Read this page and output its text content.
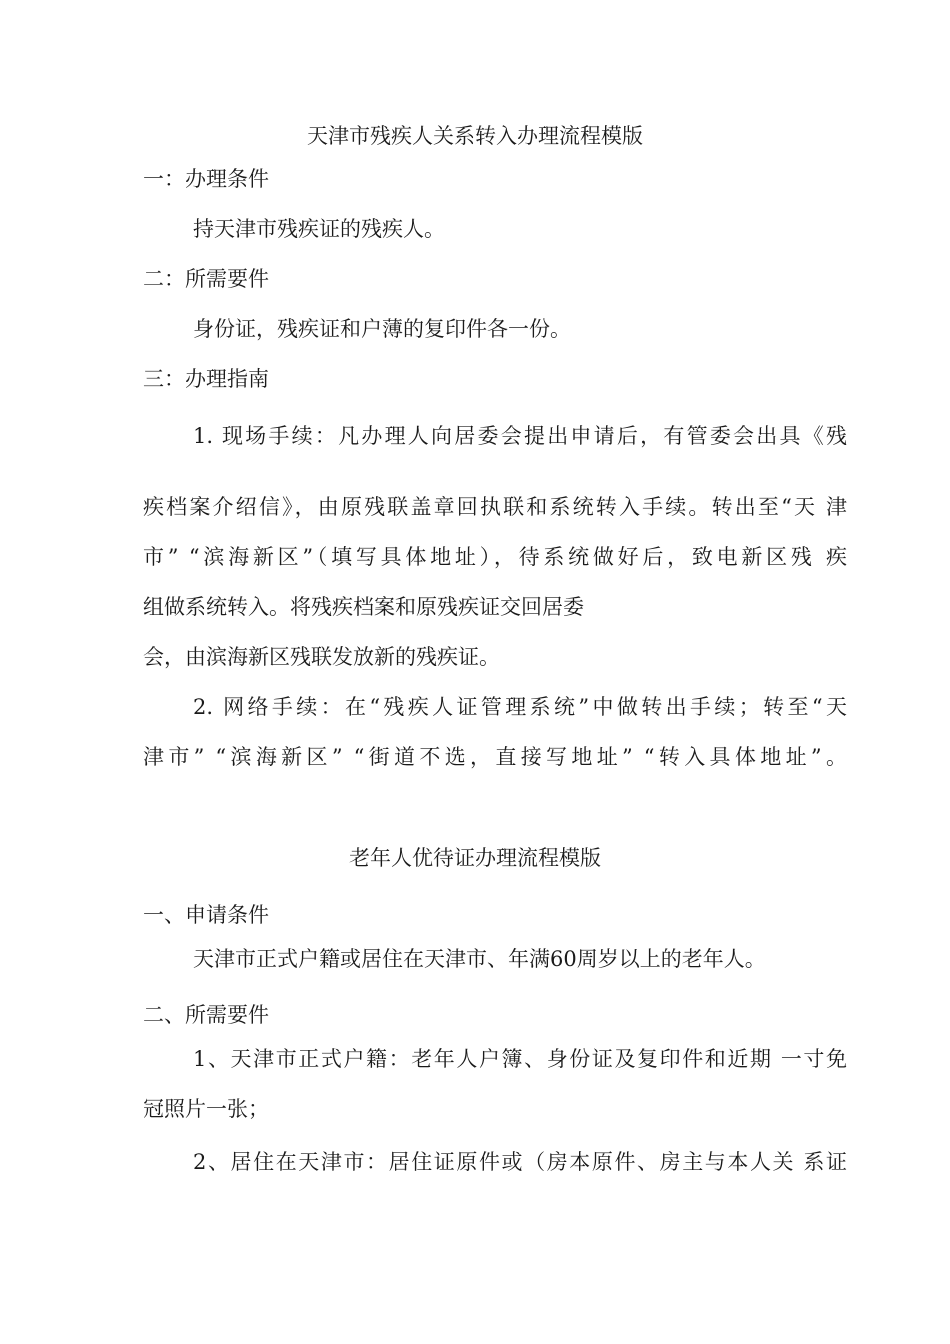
天津市残疾人关系转入办理流程模版
一：办理条件
持天津市残疾证的残疾人。
二：所需要件
身份证，残疾证和户薄的复印件各一份。
三：办理指南
1. 现场手续：凡办理人向居委会提出申请后，有管委会出具《残
疾档案介绍信》，由原残联盖章回执联和系统转入手续。转出至“天 津
市” “滨海新区”（填写具体地址），待系统做好后，致电新区残 疾
组做系统转入。将残疾档案和原残疾证交回居委
会，由滨海新区残联发放新的残疾证。
2. 网络手续：在“残疾人证管理系统”中做转出手续；转至“天
津市” “滨海新区” “街道不选，直接写地址” “转入具体地址”。
老年人优待证办理流程模版
一、申请条件
天津市正式户籍或居住在天津市、年满60周岁以上的老年人。
二、所需要件
1、天津市正式户籍：老年人户簿、身份证及复印件和近期 一寸免
冠照片一张；
2、居住在天津市：居住证原件或（房本原件、房主与本人关 系证
